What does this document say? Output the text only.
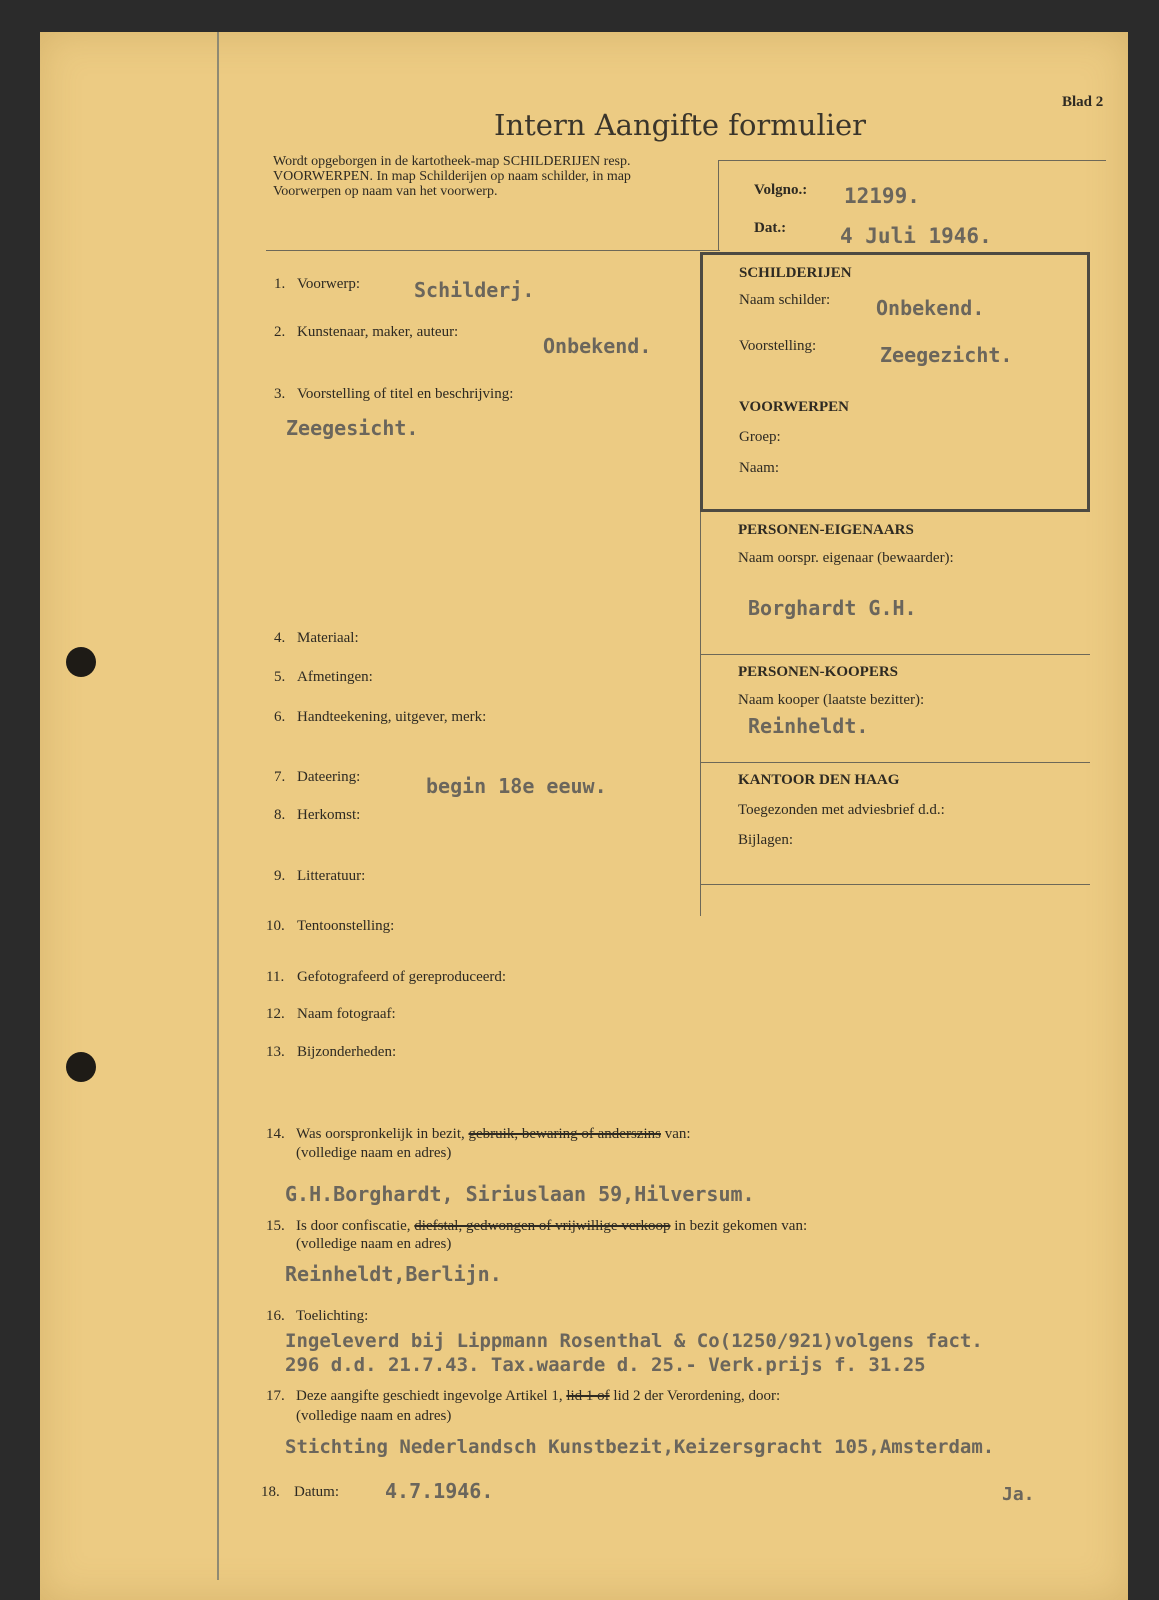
Blad 2
Intern Aangifte formulier
Wordt opgeborgen in de kartotheek-map SCHILDERIJEN resp. VOORWERPEN. In map Schilderijen op naam schilder, in map Voorwerpen op naam van het voorwerp.	Volgno.: 12199.
Dat.:	4 Juli 1946.
1. Voorwerp:	Schilderj.
2. Kunstenaar, maker, auteur:
Onbekend.
3. Voorstelling of titel en beschrijving:
Zeegesicht.
4. Materiaal:
5. Afmetingen:
6. Handteekening, uitgever, merk:
7. Dateering:	begin 18e eeuw.
8. Herkomst:
9. Litteratuur:
10. Tentoonstelling:
11. Gefotografeerd of gereproduceerd:
12. Naam fotograaf:
13. Bijzonderheden:
14. Was oorspronkelijk in bezit, gebruik, bewaring of anderszins van:
(volledige naam en adres)
G.H.Borghardt, Siriuslaan 59,Hilversum.
15. Is door confiscatie, diefstal, gedwongen of vrijwillige verkoop in bezit gekomen van:
(volledige naam en adres)
Reinheldt,Berlijn.
16. Toelichting:
Ingeleverd bij Lippmann Rosenthal & Co(1250/921)volgens fact.
296 d.d. 21.7.43. Tax.waarde d. 25.- Verk.prijs f. 31.25
17. Deze aangifte geschiedt ingevolge Artikel 1, lid 1 of lid 2 der Verordening, door:
(volledige naam en adres)
Stichting Nederlandsch Kunstbezit,Keizersgracht 105,Amsterdam.
18. Datum: 4.7.1946.	Ja.
SCHILDERIJEN
Naam schilder: Onbekend.
Voorstelling:	Zeegezicht.
VOORWERPEN
Groep:
Naam:
PERSONEN-EIGENAARS
Naam oorspr. eigenaar (bewaarder):
Borghardt G.H.
PERSONEN-KOOPERS
Naam kooper (laatste bezitter):
Reinheldt.
KANTOOR DEN HAAG
Toegezonden met adviesbrief d.d.:
Bijlagen:
